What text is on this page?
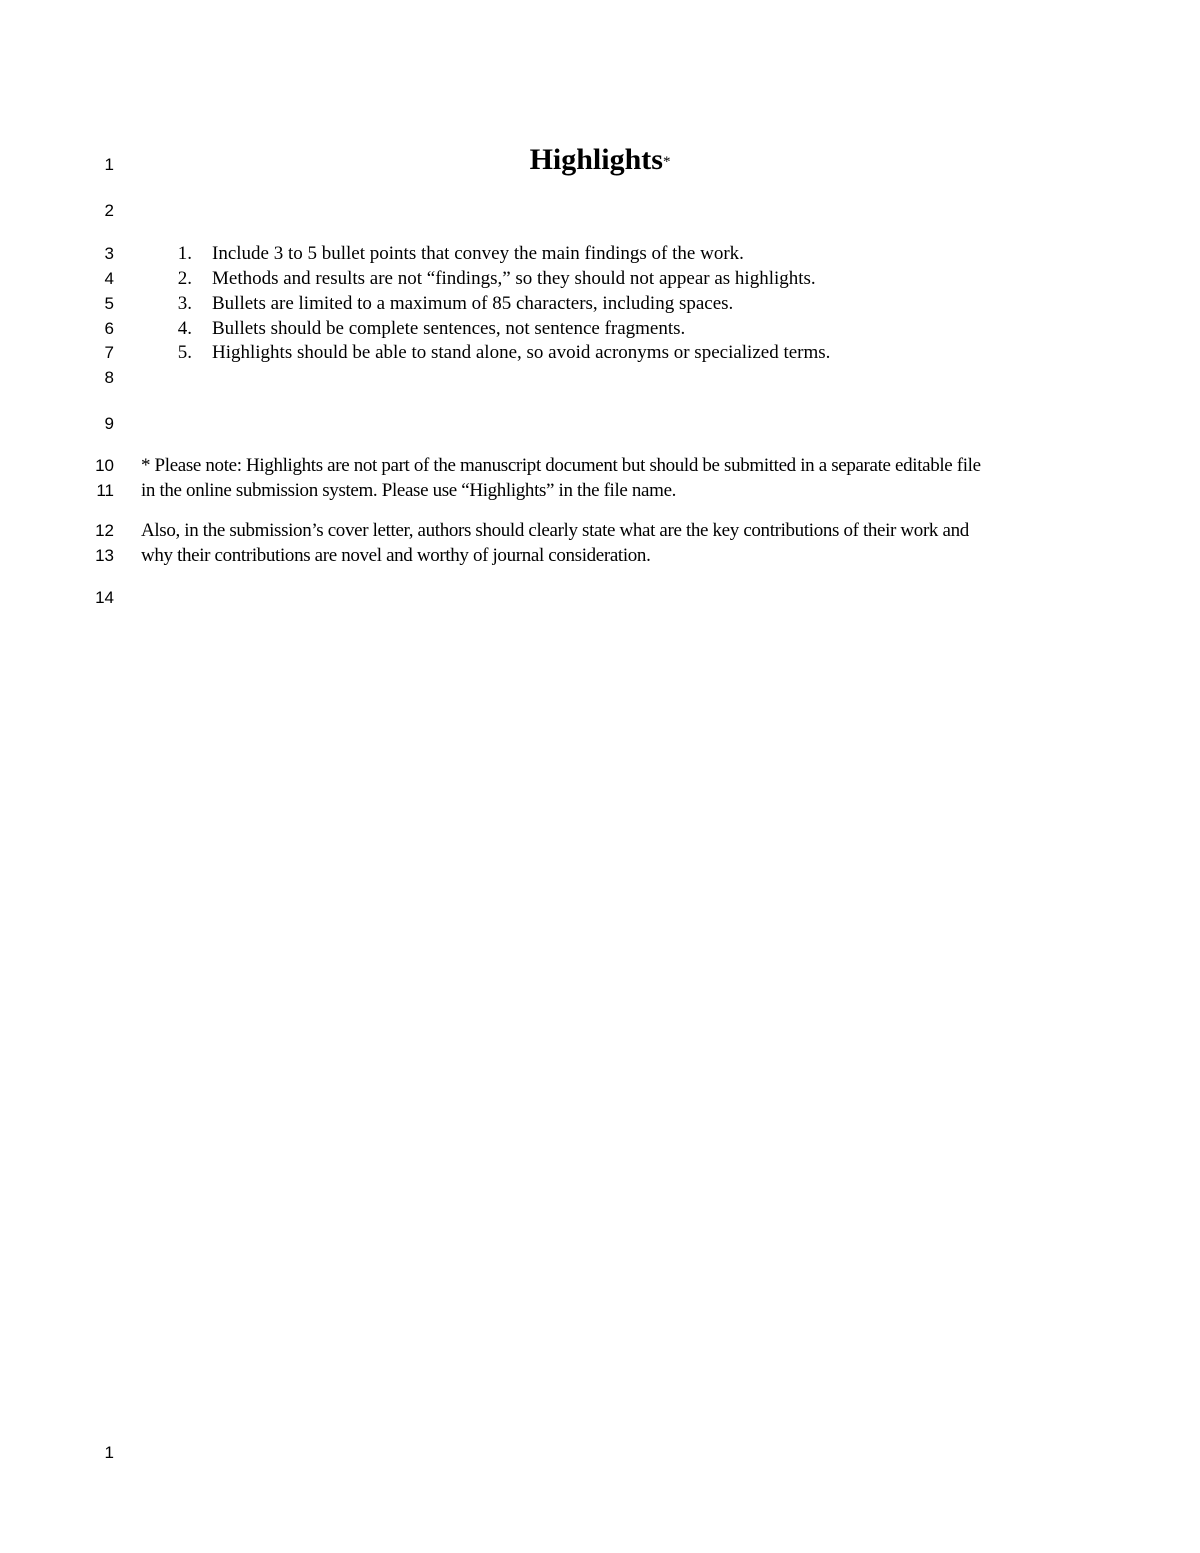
1
2
3
4
5
6
7
8
9
10
11
12
13
14
Highlights*
1. Include 3 to 5 bullet points that convey the main findings of the work.
2. Methods and results are not “findings,” so they should not appear as highlights.
3. Bullets are limited to a maximum of 85 characters, including spaces.
4. Bullets should be complete sentences, not sentence fragments.
5. Highlights should be able to stand alone, so avoid acronyms or specialized terms.
* Please note: Highlights are not part of the manuscript document but should be submitted in a separate editable file
in the online submission system. Please use “Highlights” in the file name.
Also, in the submission’s cover letter, authors should clearly state what are the key contributions of their work and
why their contributions are novel and worthy of journal consideration.
1
